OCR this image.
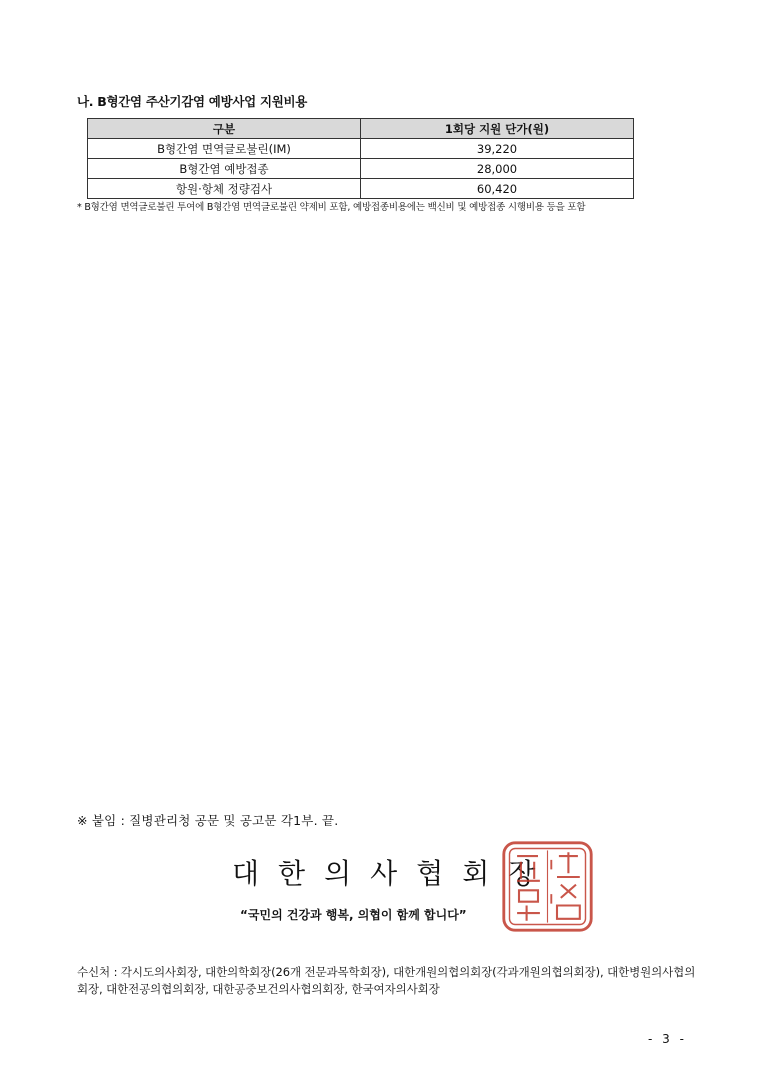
나. B형간염 주산기감염 예방사업 지원비용
구분	1회당 지원 단가(원)
B형간염 면역글로불린(IM)	39,220
B형간염 예방접종	28,000
항원·항체 정량검사	60,420
* B형간염 면역글로불린 투여에 B형간염 면역글로불린 약제비 포함, 예방접종비용에는 백신비 및 예방접종 시행비용 등을 포함
※ 붙임 : 질병관리청 공문 및 공고문 각1부. 끝.
대한의사협회장
“국민의 건강과 행복, 의협이 함께 합니다”
수신처 : 각시도의사회장, 대한의학회장(26개 전문과목학회장), 대한개원의협의회장(각과개원의협의회장), 대한병원의사협의회장, 대한전공의협의회장, 대한공중보건의사협의회장, 한국여자의사회장
- 3 -
